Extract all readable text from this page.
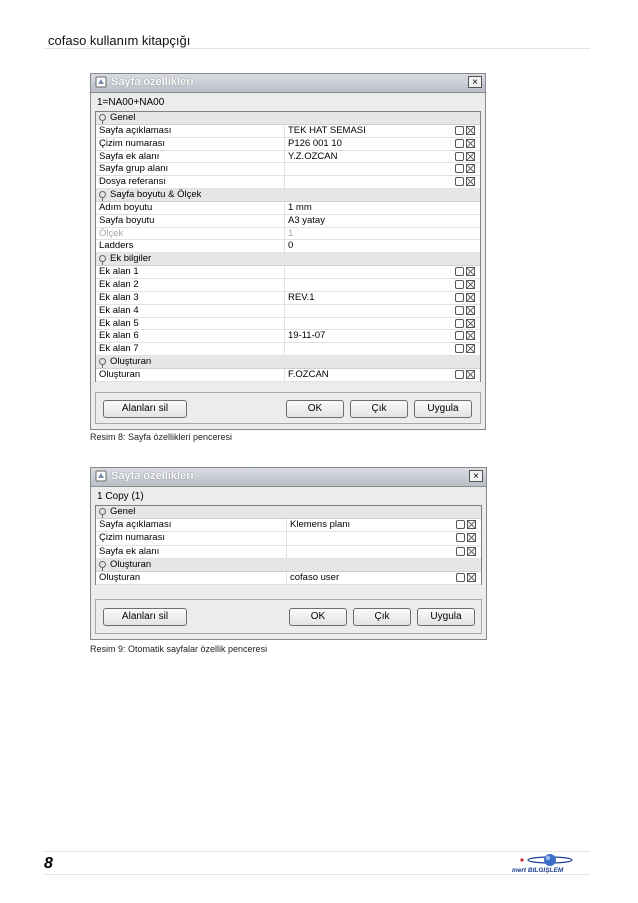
cofaso kullanım kitapçığı
Sayfa özellikleri	×
1=NA00+NA00
Genel
Sayfa açıklaması	TEK HAT SEMASI
Çizim numarası	P126 001 10
Sayfa ek alanı	Y.Z.OZCAN
Sayfa grup alanı
Dosya referansı
Sayfa boyutu & Ölçek
Adım boyutu	1 mm
Sayfa boyutu	A3 yatay
Ölçek	1
Ladders	0
Ek bilgiler
Ek alan 1
Ek alan 2
Ek alan 3	REV.1
Ek alan 4
Ek alan 5
Ek alan 6	19-11-07
Ek alan 7
Oluşturan
Oluşturan	F.OZCAN
Alanları sil	OK	Çık	Uygula
Resim 8: Sayfa özellikleri penceresi
Sayfa özellikleri	×
1 Copy (1)
Genel
Sayfa açıklaması	Klemens planı
Çizim numarası
Sayfa ek alanı
Oluşturan
Oluşturan	cofaso user
Alanları sil	OK	Çık	Uygula
Resim 9: Otomatik sayfalar özellik penceresi
8	mert BILGIŞLEM
